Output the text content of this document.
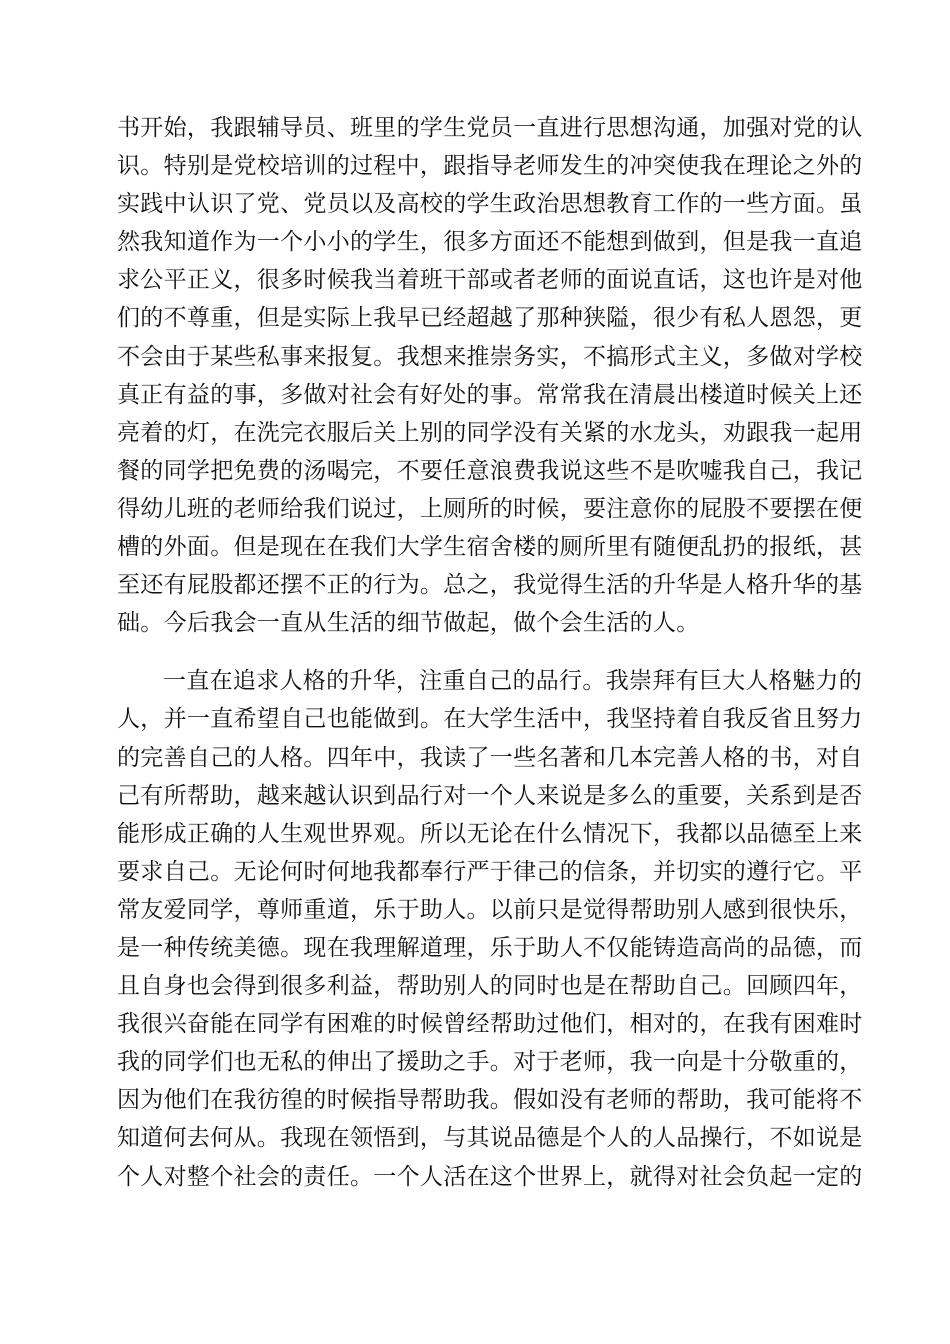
书开始，我跟辅导员、班里的学生党员一直进行思想沟通，加强对党的认
识。特别是党校培训的过程中，跟指导老师发生的冲突使我在理论之外的
实践中认识了党、党员以及高校的学生政治思想教育工作的一些方面。虽
然我知道作为一个小小的学生，很多方面还不能想到做到，但是我一直追
求公平正义，很多时候我当着班干部或者老师的面说直话，这也许是对他
们的不尊重，但是实际上我早已经超越了那种狭隘，很少有私人恩怨，更
不会由于某些私事来报复。我想来推崇务实，不搞形式主义，多做对学校
真正有益的事，多做对社会有好处的事。常常我在清晨出楼道时候关上还
亮着的灯，在洗完衣服后关上别的同学没有关紧的水龙头，劝跟我一起用
餐的同学把免费的汤喝完，不要任意浪费我说这些不是吹嘘我自己，我记
得幼儿班的老师给我们说过，上厕所的时候，要注意你的屁股不要摆在便
槽的外面。但是现在在我们大学生宿舍楼的厕所里有随便乱扔的报纸，甚
至还有屁股都还摆不正的行为。总之，我觉得生活的升华是人格升华的基
础。今后我会一直从生活的细节做起，做个会生活的人。
一直在追求人格的升华，注重自己的品行。我崇拜有巨大人格魅力的
人，并一直希望自己也能做到。在大学生活中，我坚持着自我反省且努力
的完善自己的人格。四年中，我读了一些名著和几本完善人格的书，对自
己有所帮助，越来越认识到品行对一个人来说是多么的重要，关系到是否
能形成正确的人生观世界观。所以无论在什么情况下，我都以品德至上来
要求自己。无论何时何地我都奉行严于律己的信条，并切实的遵行它。平
常友爱同学，尊师重道，乐于助人。以前只是觉得帮助别人感到很快乐，
是一种传统美德。现在我理解道理，乐于助人不仅能铸造高尚的品德，而
且自身也会得到很多利益，帮助别人的同时也是在帮助自己。回顾四年，
我很兴奋能在同学有困难的时候曾经帮助过他们，相对的，在我有困难时
我的同学们也无私的伸出了援助之手。对于老师，我一向是十分敬重的，
因为他们在我彷徨的时候指导帮助我。假如没有老师的帮助，我可能将不
知道何去何从。我现在领悟到，与其说品德是个人的人品操行，不如说是
个人对整个社会的责任。一个人活在这个世界上，就得对社会负起一定的
